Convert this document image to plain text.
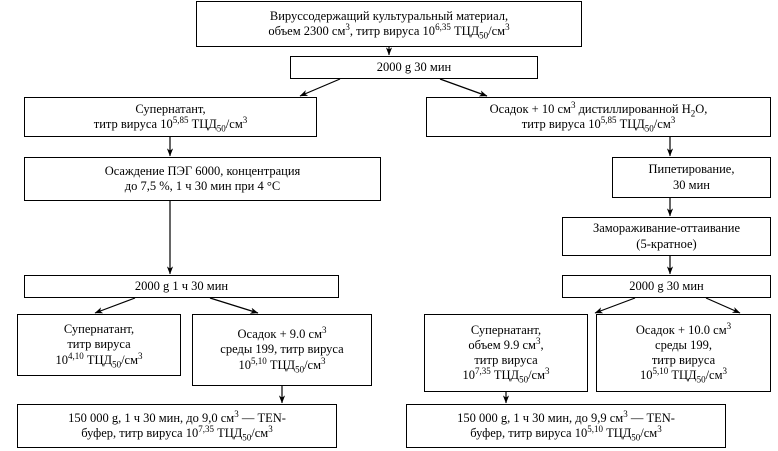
Вируссодержащий культуральный материал,
объем 2300 $см^3$, титр вируса 10$^{6,35}$ $ТЦД_{50}/см^3$
2000 g 30 мин
Супернатант,
титр вируса 10$^{5,85}$ $ТЦД_{50}/см^3$
Осадок + 10 $см^3$ дистиллированной $H_2O$,
титр вируса 10$^{5,85}$ $ТЦД_{50}/см^3$
Осаждение ПЭГ 6000, концентрация
до 7,5 %, 1 ч 30 мин при 4 °С
Пипетирование,
30 мин
Замораживание-оттаивание
(5-кратное)
2000 g 1 ч 30 мин	2000 g 30 мин
Супернатант,
титр вируса
10$^{4,10}$ $ТЦД_{50}/см^3$
Осадок + 9.0 $см^3$
среды 199, титр вируса
10$^{5,10}$ $ТЦД_{50}/см^3$
Супернатант,
объем 9.9 $см^3$,
титр вируса
10$^{7,35}$ $ТЦД_{50}/см^3$
Осадок + 10.0 $см^3$
среды 199,
титр вируса
10$^{5,10}$ $ТЦД_{50}/см^3$
150 000 g, 1 ч 30 мин, до 9,0 $см^3$ — TEN-
буфер, титр вируса 10$^{7,35}$ $ТЦД_{50}/см^3$
150 000 g, 1 ч 30 мин, до 9,9 $см^3$ — TEN-
буфер, титр вируса 10$^{5,10}$ $ТЦД_{50}/см^3$
